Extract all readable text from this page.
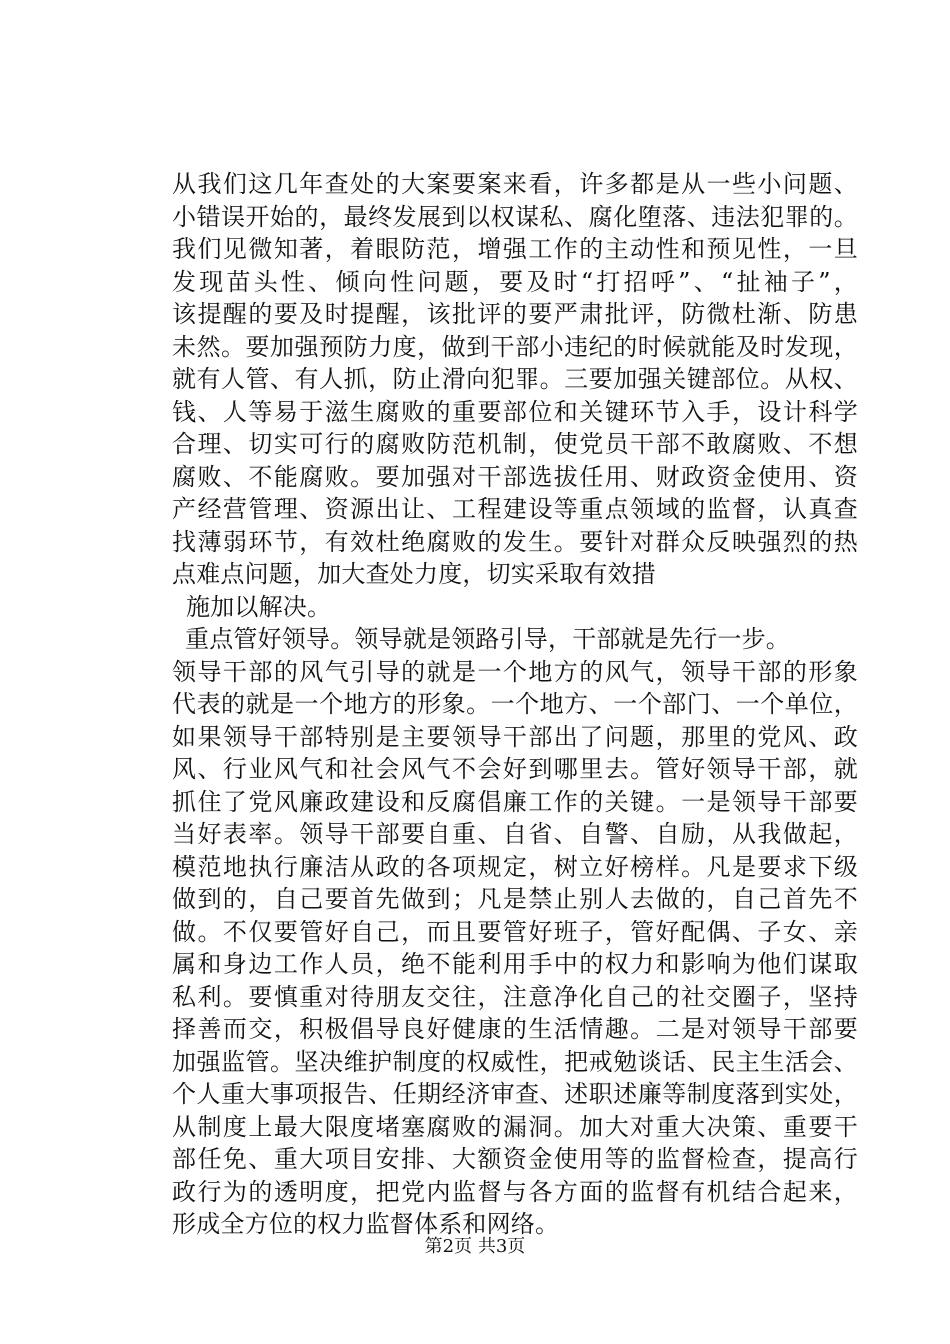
从我们这几年查处的大案要案来看，许多都是从一些小问题、
小错误开始的，最终发展到以权谋私、腐化堕落、违法犯罪的。
我们见微知著，着眼防范，增强工作的主动性和预见性，一旦
发现苗头性、倾向性问题，要及时“打招呼”、“扯袖子”，
该提醒的要及时提醒，该批评的要严肃批评，防微杜渐、防患
未然。要加强预防力度，做到干部小违纪的时候就能及时发现，
就有人管、有人抓，防止滑向犯罪。三要加强关键部位。从权、
钱、人等易于滋生腐败的重要部位和关键环节入手，设计科学
合理、切实可行的腐败防范机制，使党员干部不敢腐败、不想
腐败、不能腐败。要加强对干部选拔任用、财政资金使用、资
产经营管理、资源出让、工程建设等重点领域的监督，认真查
找薄弱环节，有效杜绝腐败的发生。要针对群众反映强烈的热
点难点问题，加大查处力度，切实采取有效措
施加以解决。
重点管好领导。领导就是领路引导，干部就是先行一步。
领导干部的风气引导的就是一个地方的风气，领导干部的形象
代表的就是一个地方的形象。一个地方、一个部门、一个单位，
如果领导干部特别是主要领导干部出了问题，那里的党风、政
风、行业风气和社会风气不会好到哪里去。管好领导干部，就
抓住了党风廉政建设和反腐倡廉工作的关键。一是领导干部要
当好表率。领导干部要自重、自省、自警、自励，从我做起，
模范地执行廉洁从政的各项规定，树立好榜样。凡是要求下级
做到的，自己要首先做到；凡是禁止别人去做的，自己首先不
做。不仅要管好自己，而且要管好班子，管好配偶、子女、亲
属和身边工作人员，绝不能利用手中的权力和影响为他们谋取
私利。要慎重对待朋友交往，注意净化自己的社交圈子，坚持
择善而交，积极倡导良好健康的生活情趣。二是对领导干部要
加强监管。坚决维护制度的权威性，把戒勉谈话、民主生活会、
个人重大事项报告、任期经济审查、述职述廉等制度落到实处，
从制度上最大限度堵塞腐败的漏洞。加大对重大决策、重要干
部任免、重大项目安排、大额资金使用等的监督检查，提高行
政行为的透明度，把党内监督与各方面的监督有机结合起来，
形成全方位的权力监督体系和网络。
第2页 共3页
